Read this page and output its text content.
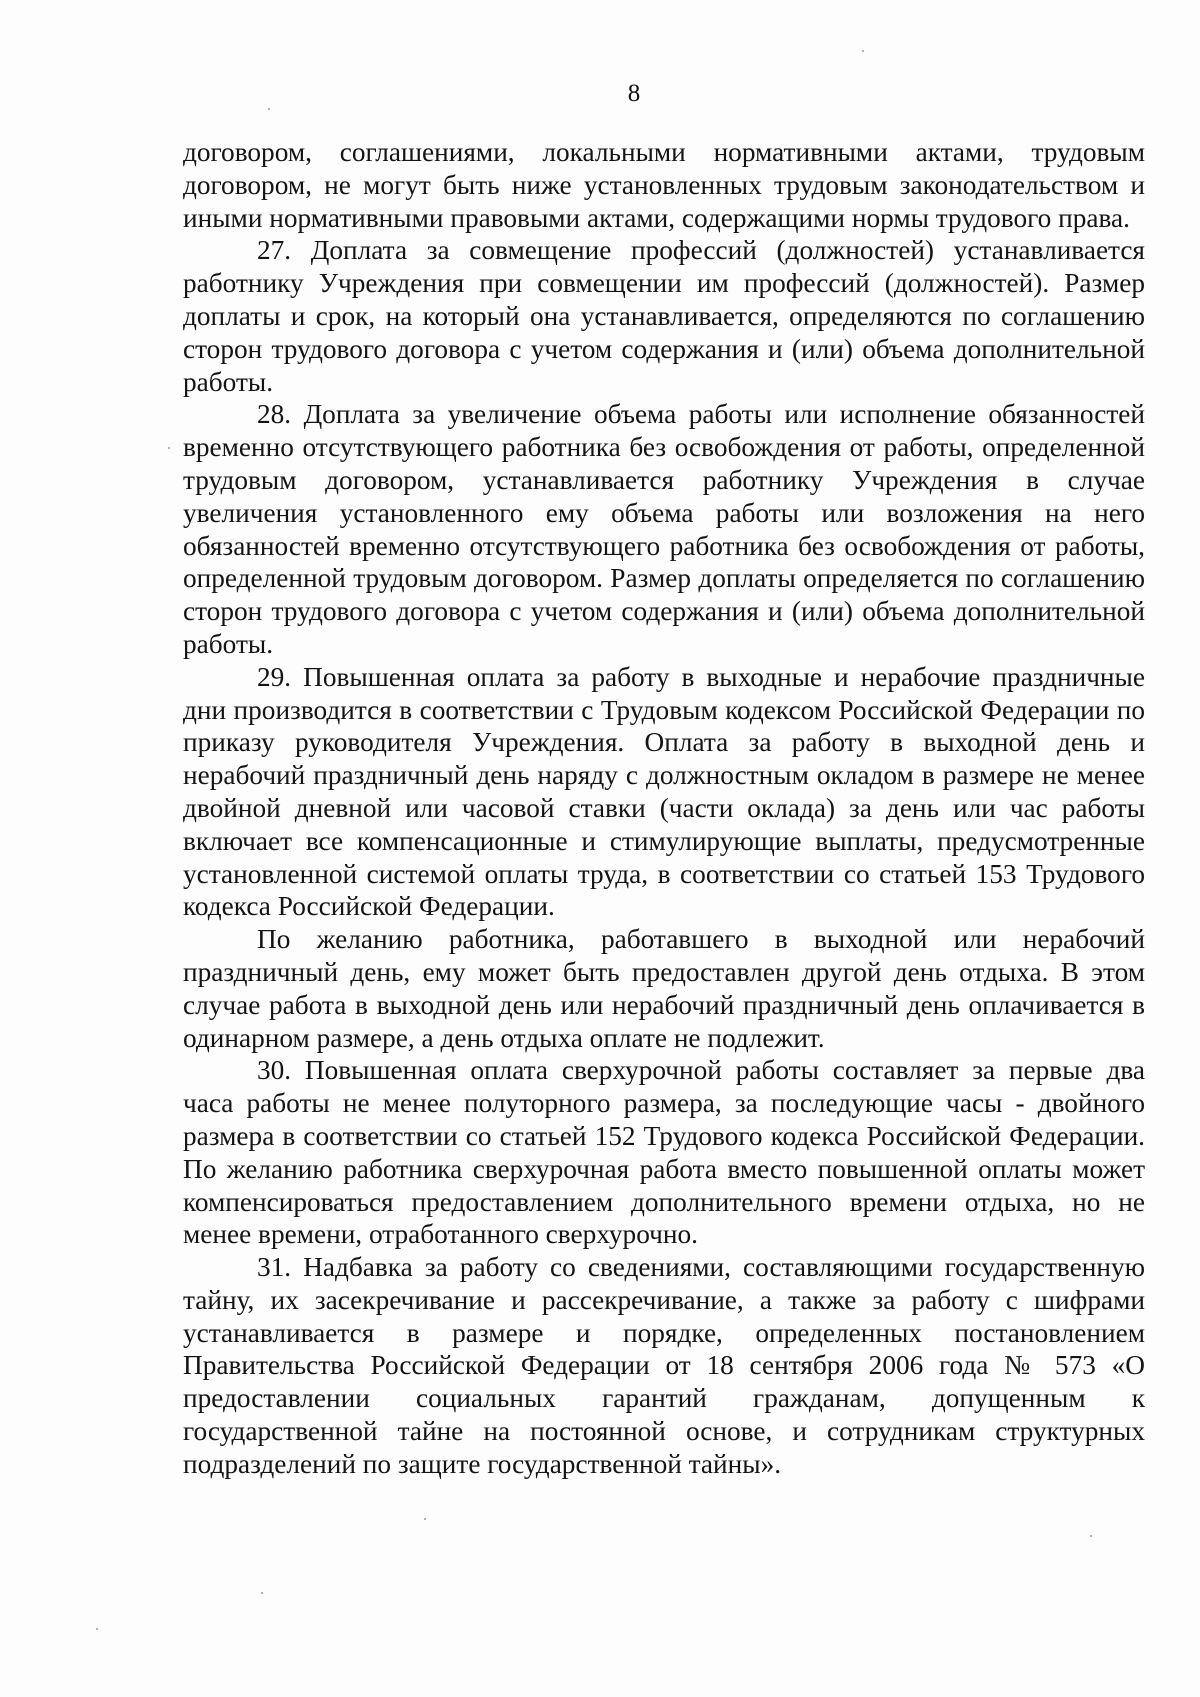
8

договором, соглашениями, локальными нормативными актами, трудовым договором, не могут быть ниже установленных трудовым законодательством и иными нормативными правовыми актами, содержащими нормы трудового права.

27. Доплата за совмещение профессий (должностей) устанавливается работнику Учреждения при совмещении им профессий (должностей). Размер доплаты и срок, на который она устанавливается, определяются по соглашению сторон трудового договора с учетом содержания и (или) объема дополнительной работы.

28. Доплата за увеличение объема работы или исполнение обязанностей временно отсутствующего работника без освобождения от работы, определенной трудовым договором, устанавливается работнику Учреждения в случае увеличения установленного ему объема работы или возложения на него обязанностей временно отсутствующего работника без освобождения от работы, определенной трудовым договором. Размер доплаты определяется по соглашению сторон трудового договора с учетом содержания и (или) объема дополнительной работы.

29. Повышенная оплата за работу в выходные и нерабочие праздничные дни производится в соответствии с Трудовым кодексом Российской Федерации по приказу руководителя Учреждения. Оплата за работу в выходной день и нерабочий праздничный день наряду с должностным окладом в размере не менее двойной дневной или часовой ставки (части оклада) за день или час работы включает все компенсационные и стимулирующие выплаты, предусмотренные установленной системой оплаты труда, в соответствии со статьей 153 Трудового кодекса Российской Федерации.

По желанию работника, работавшего в выходной или нерабочий праздничный день, ему может быть предоставлен другой день отдыха. В этом случае работа в выходной день или нерабочий праздничный день оплачивается в одинарном размере, а день отдыха оплате не подлежит.

30. Повышенная оплата сверхурочной работы составляет за первые два часа работы не менее полуторного размера, за последующие часы - двойного размера в соответствии со статьей 152 Трудового кодекса Российской Федерации. По желанию работника сверхурочная работа вместо повышенной оплаты может компенсироваться предоставлением дополнительного времени отдыха, но не менее времени, отработанного сверхурочно.

31. Надбавка за работу со сведениями, составляющими государственную тайну, их засекречивание и рассекречивание, а также за работу с шифрами устанавливается в размере и порядке, определенных постановлением Правительства Российской Федерации от 18 сентября 2006 года № 573 «О предоставлении социальных гарантий гражданам, допущенным к государственной тайне на постоянной основе, и сотрудникам структурных подразделений по защите государственной тайны».
